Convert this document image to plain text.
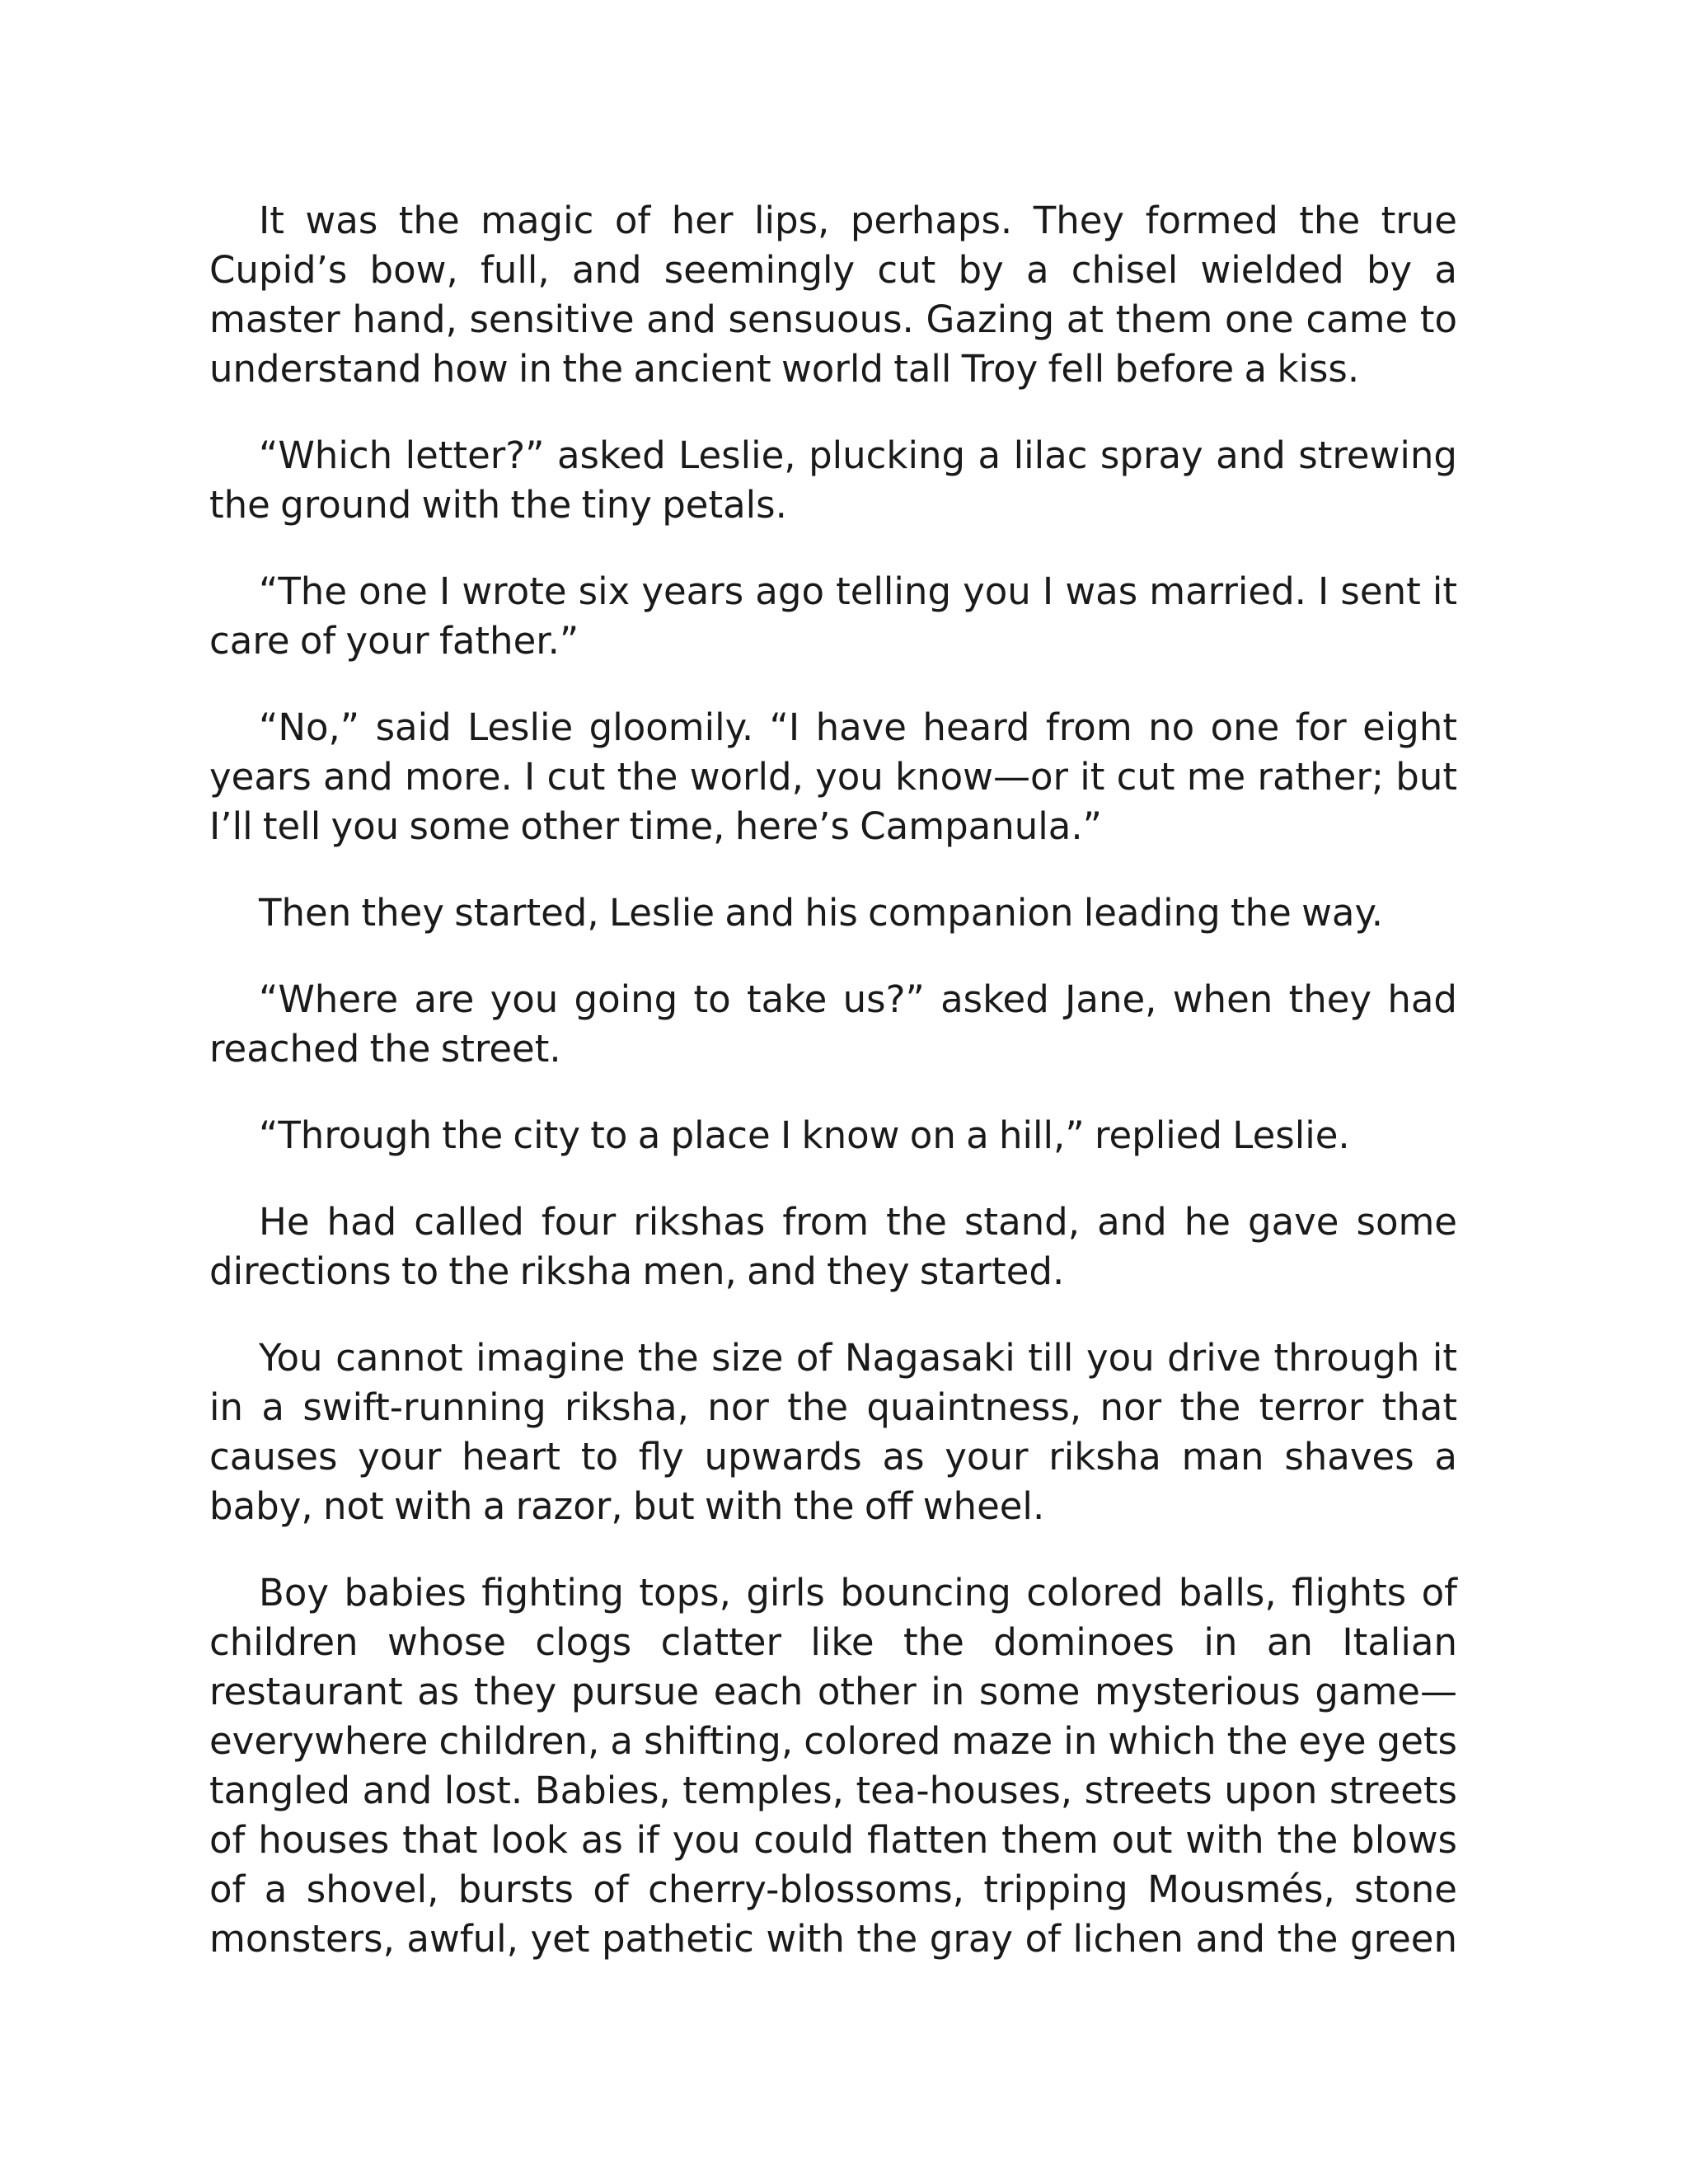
It was the magic of her lips, perhaps. They formed the true Cupid’s bow, full, and seemingly cut by a chisel wielded by a master hand, sensitive and sensuous. Gazing at them one came to understand how in the ancient world tall Troy fell before a kiss.

“Which letter?” asked Leslie, plucking a lilac spray and strewing the ground with the tiny petals.

“The one I wrote six years ago telling you I was married. I sent it care of your father.”

“No,” said Leslie gloomily. “I have heard from no one for eight years and more. I cut the world, you know—or it cut me rather; but I’ll tell you some other time, here’s Campanula.”

Then they started, Leslie and his companion leading the way.

“Where are you going to take us?” asked Jane, when they had reached the street.

“Through the city to a place I know on a hill,” replied Leslie.

He had called four rikshas from the stand, and he gave some directions to the riksha men, and they started.

You cannot imagine the size of Nagasaki till you drive through it in a swift-running riksha, nor the quaintness, nor the terror that causes your heart to fly upwards as your riksha man shaves a baby, not with a razor, but with the off wheel.

Boy babies fighting tops, girls bouncing colored balls, flights of children whose clogs clatter like the dominoes in an Italian restaurant as they pursue each other in some mysterious game—everywhere children, a shifting, colored maze in which the eye gets tangled and lost. Babies, temples, tea-houses, streets upon streets of houses that look as if you could flatten them out with the blows of a shovel, bursts of cherry-blossoms, tripping Mousmés, stone monsters, awful, yet pathetic with the gray of lichen and the green
